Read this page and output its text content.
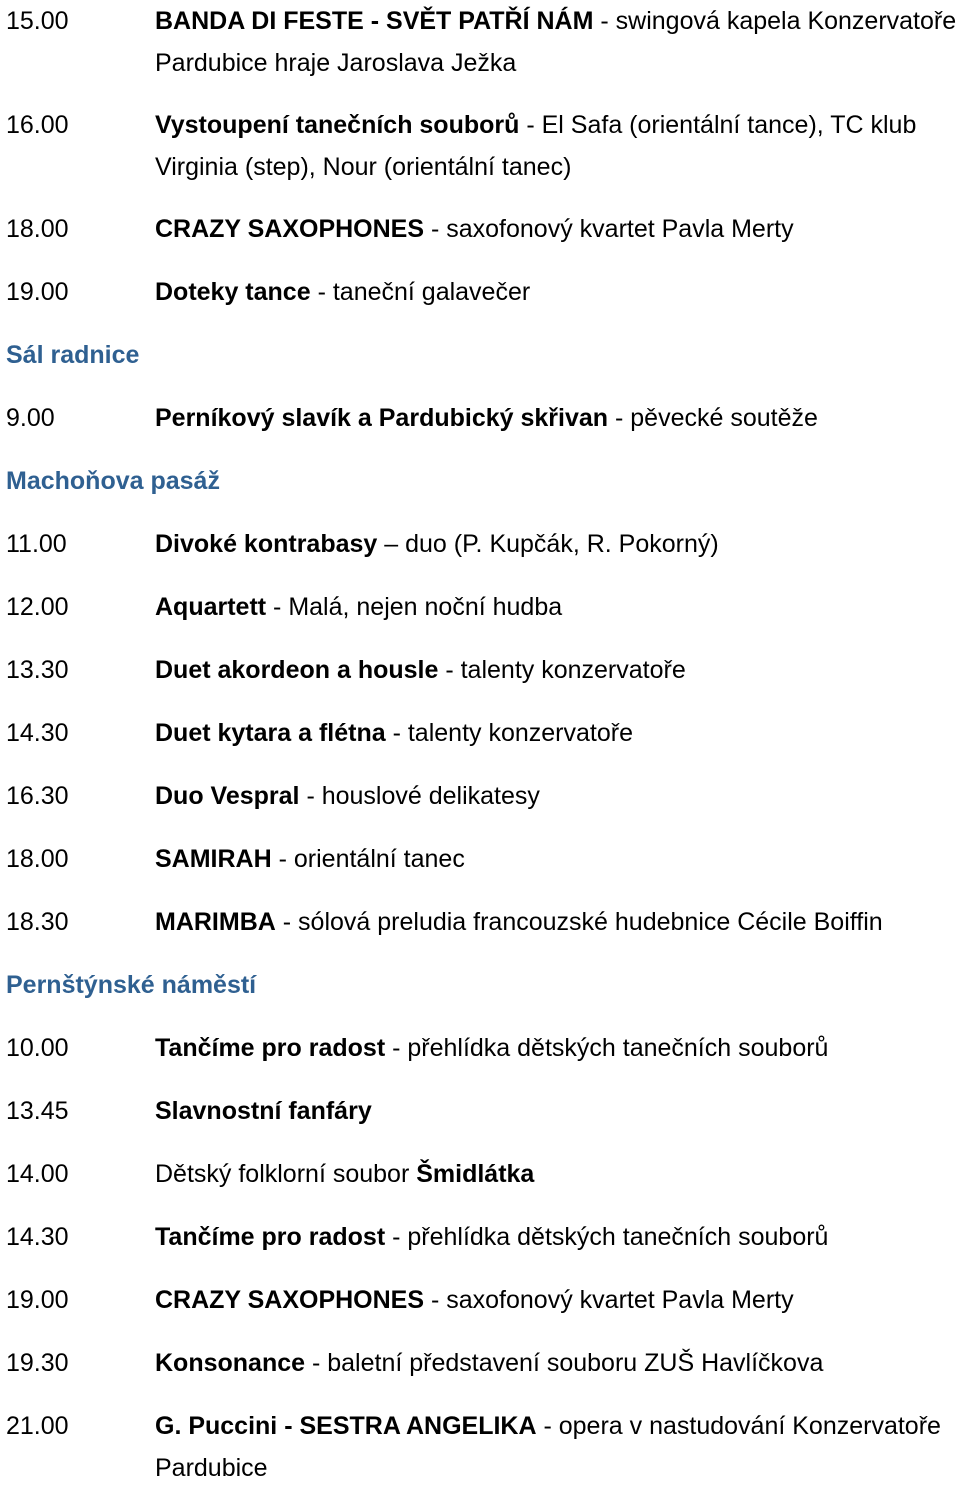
15.00	BANDA DI FESTE - SVĚT PATŘÍ NÁM - swingová kapela Konzervatoře Pardubice hraje Jaroslava Ježka
16.00	Vystoupení tanečních souborů - El Safa (orientální tance), TC klub Virginia (step), Nour (orientální tanec)
18.00	CRAZY SAXOPHONES - saxofonový kvartet Pavla Merty
19.00	Doteky tance - taneční galavečer
Sál radnice
9.00	Perníkový slavík a Pardubický skřivan - pěvecké soutěže
Machoňova pasáž
11.00	Divoké kontrabasy – duo (P. Kupčák, R. Pokorný)
12.00	Aquartett - Malá, nejen noční hudba
13.30	Duet akordeon a housle - talenty konzervatoře
14.30	Duet kytara a flétna - talenty konzervatoře
16.30	Duo Vespral - houslové delikatesy
18.00	SAMIRAH - orientální tanec
18.30	MARIMBA - sólová preludia francouzské hudebnice Cécile Boiffin
Pernštýnské náměstí
10.00	Tančíme pro radost - přehlídka dětských tanečních souborů
13.45	Slavnostní fanfáry
14.00	Dětský folklorní soubor Šmidlátka
14.30	Tančíme pro radost - přehlídka dětských tanečních souborů
19.00	CRAZY SAXOPHONES - saxofonový kvartet Pavla Merty
19.30	Konsonance - baletní představení souboru ZUŠ Havlíčkova
21.00	G. Puccini - SESTRA ANGELIKA - opera v nastudování Konzervatoře Pardubice
